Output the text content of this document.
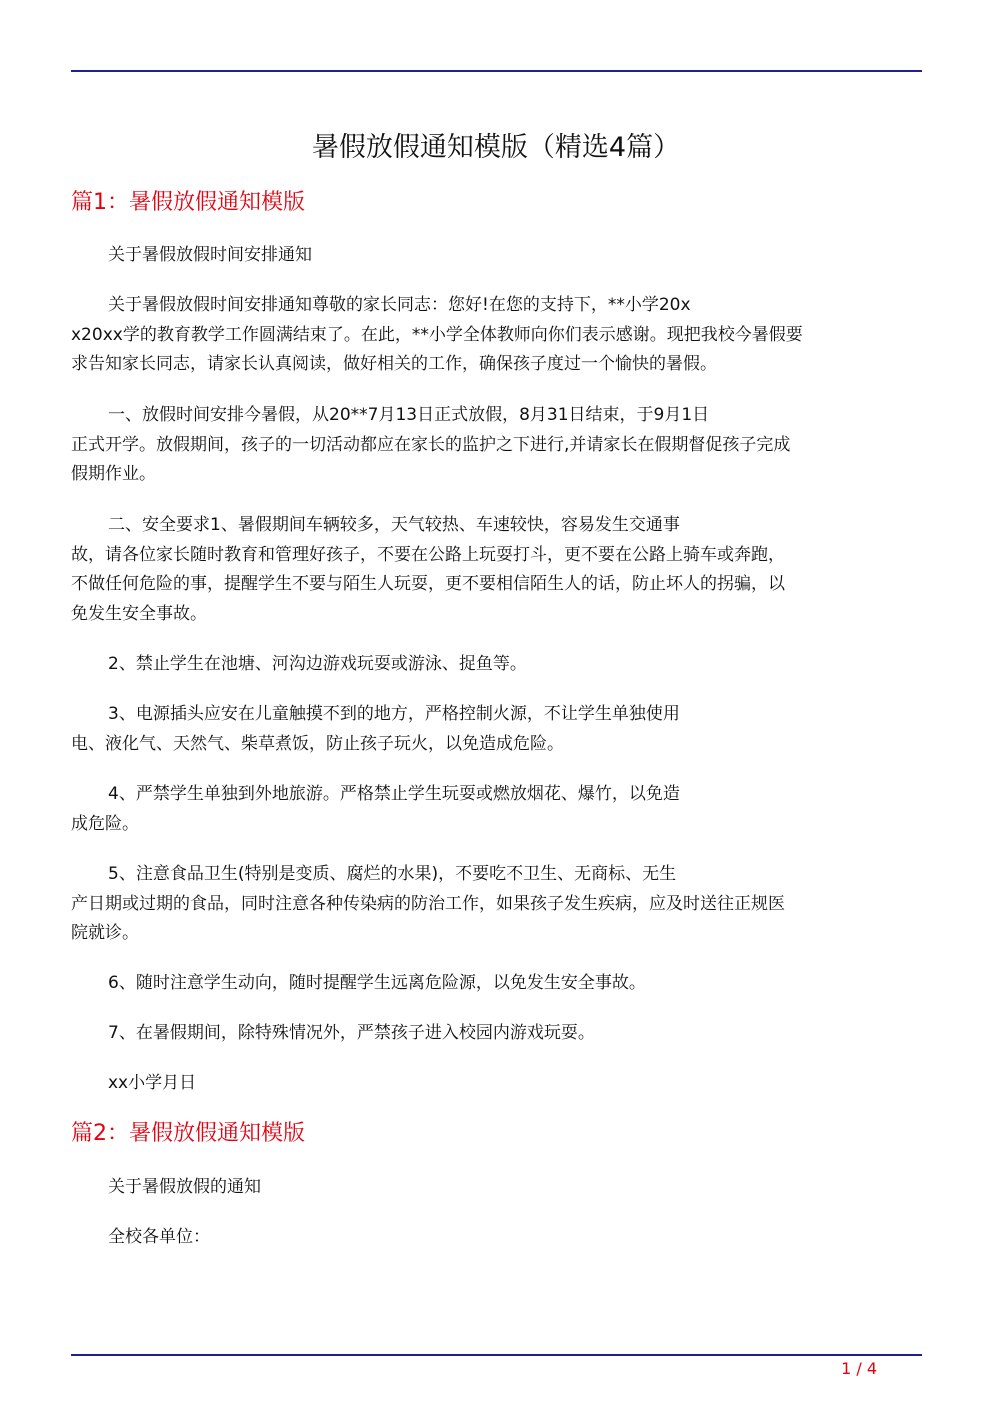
暑假放假通知模版（精选4篇）
篇1：暑假放假通知模版
关于暑假放假时间安排通知
关于暑假放假时间安排通知尊敬的家长同志：您好!在您的支持下，**小学20x
x20xx学的教育教学工作圆满结束了。在此，**小学全体教师向你们表示感谢。现把我校今暑假要
求告知家长同志，请家长认真阅读，做好相关的工作，确保孩子度过一个愉快的暑假。
一、放假时间安排今暑假，从20**7月13日正式放假，8月31日结束，于9月1日
正式开学。放假期间，孩子的一切活动都应在家长的监护之下进行,并请家长在假期督促孩子完成
假期作业。
二、安全要求1、暑假期间车辆较多，天气较热、车速较快，容易发生交通事
故，请各位家长随时教育和管理好孩子，不要在公路上玩耍打斗，更不要在公路上骑车或奔跑，
不做任何危险的事，提醒学生不要与陌生人玩耍，更不要相信陌生人的话，防止坏人的拐骗，以
免发生安全事故。
2、禁止学生在池塘、河沟边游戏玩耍或游泳、捉鱼等。
3、电源插头应安在儿童触摸不到的地方，严格控制火源，不让学生单独使用
电、液化气、天然气、柴草煮饭，防止孩子玩火，以免造成危险。
4、严禁学生单独到外地旅游。严格禁止学生玩耍或燃放烟花、爆竹，以免造
成危险。
5、注意食品卫生(特别是变质、腐烂的水果)，不要吃不卫生、无商标、无生
产日期或过期的食品，同时注意各种传染病的防治工作，如果孩子发生疾病，应及时送往正规医
院就诊。
6、随时注意学生动向，随时提醒学生远离危险源，以免发生安全事故。
7、在暑假期间，除特殊情况外，严禁孩子进入校园内游戏玩耍。
xx小学月日
篇2：暑假放假通知模版
关于暑假放假的通知
全校各单位：
1 / 4
